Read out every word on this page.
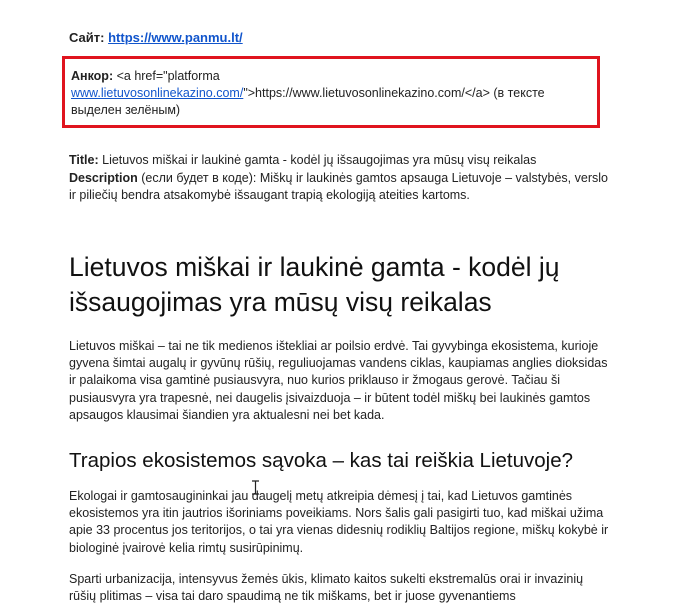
Сайт: https://www.panmu.lt/
Анкор: <a href="platforma
www.lietuvosonlinekazino.com/">https://www.lietuvosonlinekazino.com/</a> (в тексте выделен зелёным)
Title: Lietuvos miškai ir laukinė gamta - kodėl jų išsaugojimas yra mūsų visų reikalas
Description (если будет в коде): Miškų ir laukinės gamtos apsauga Lietuvoje – valstybės, verslo ir piliečių bendra atsakomybė išsaugant trapią ekologiją ateities kartoms.
Lietuvos miškai ir laukinė gamta - kodėl jų išsaugojimas yra mūsų visų reikalas

Lietuvos miškai – tai ne tik medienos ištekliai ar poilsio erdvė. Tai gyvybinga ekosistema, kurioje gyvena šimtai augalų ir gyvūnų rūšių, reguliuojamas vandens ciklas, kaupiamas anglies dioksidas ir palaikoma visa gamtinė pusiausvyra, nuo kurios priklauso ir žmogaus gerovė. Tačiau ši pusiausvyra yra trapesnė, nei daugelis įsivaizduoja – ir būtent todėl miškų bei laukinės gamtos apsaugos klausimai šiandien yra aktualesni nei bet kada.

Trapios ekosistemos sąvoka – kas tai reiškia Lietuvoje?

Ekologai ir gamtosaugininkai jau daugelį metų atkreipia dėmesį į tai, kad Lietuvos gamtinės ekosistemos yra itin jautrios išoriniams poveikiams. Nors šalis gali pasigirti tuo, kad miškai užima apie 33 procentus jos teritorijos, o tai yra vienas didesnių rodiklių Baltijos regione, miškų kokybė ir biologinė įvairovė kelia rimtų susirūpinimų.

Sparti urbanizacija, intensyvus žemės ūkis, klimato kaitos sukelti ekstremalūs orai ir invazinių rūšių plitimas – visa tai daro spaudimą ne tik miškams, bet ir juose gyvenantiems
